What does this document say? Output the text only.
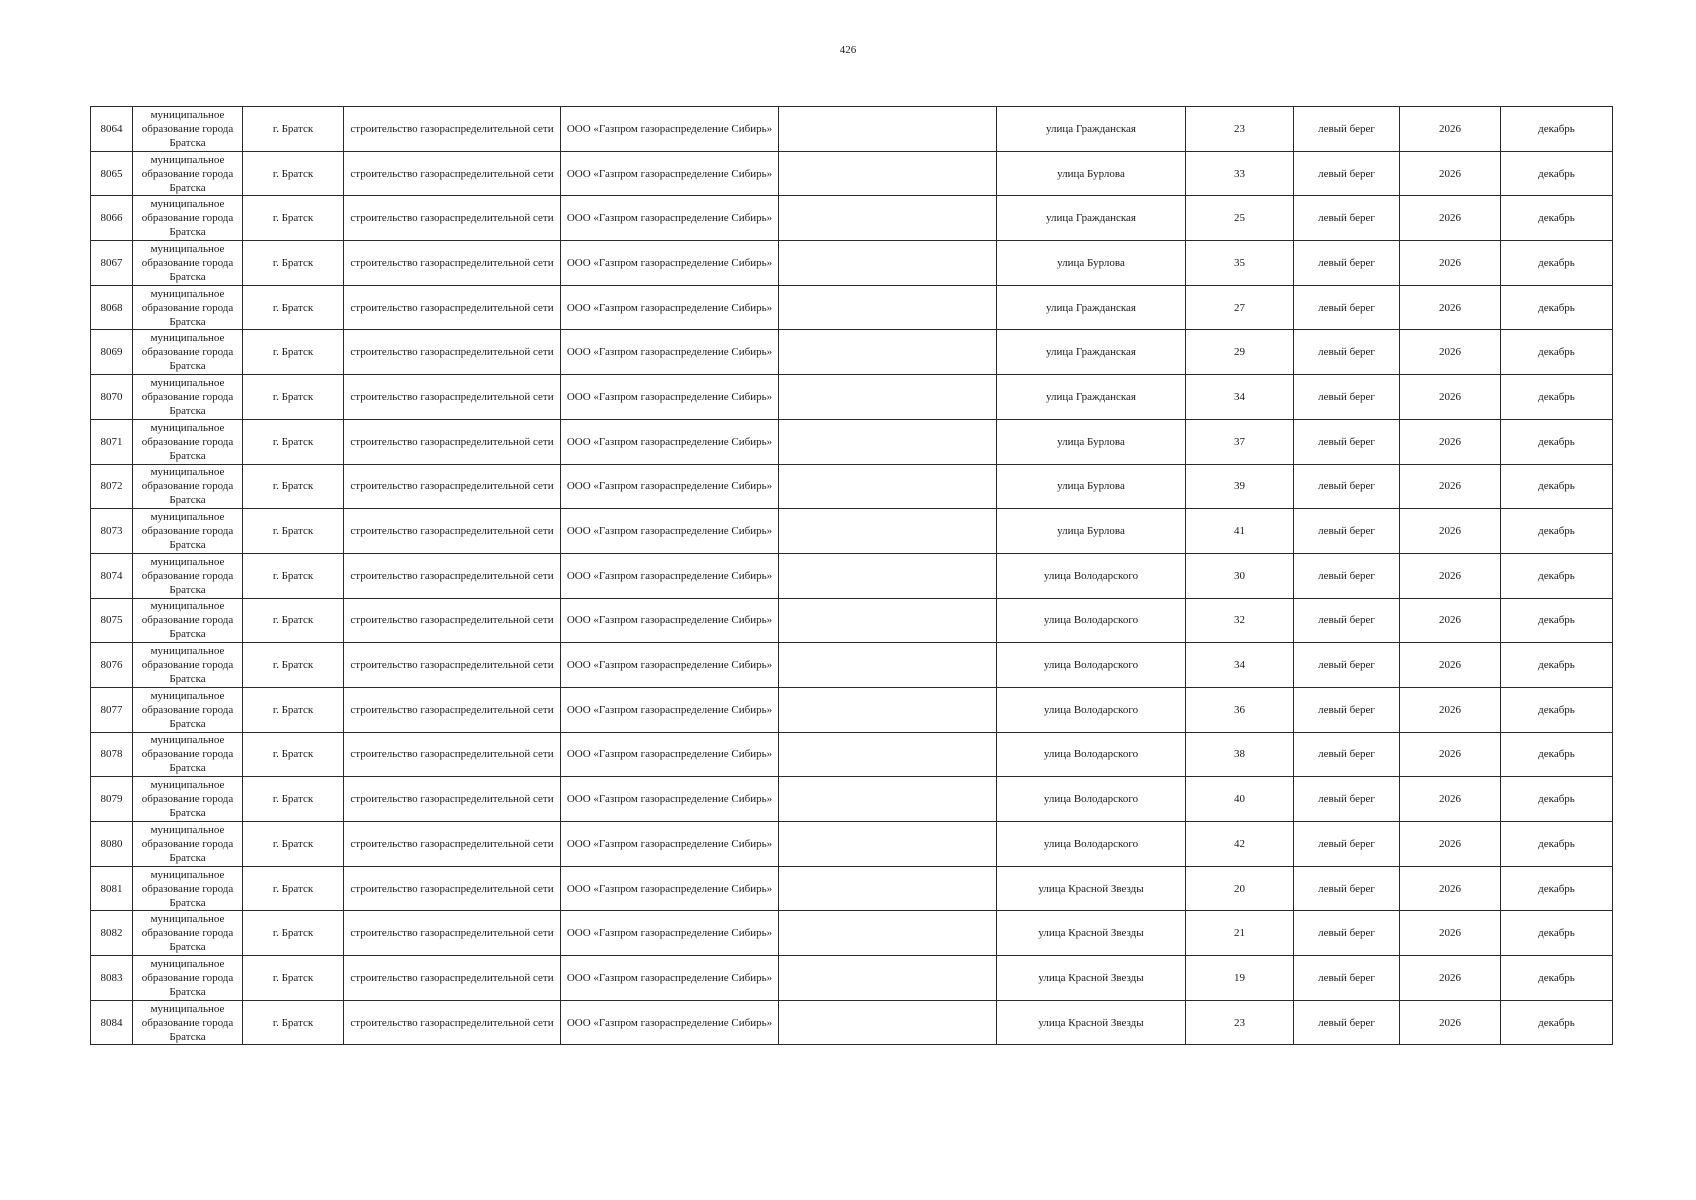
426
8064	муниципальное образование города Братска	г. Братск	строительство газораспределительной сети	ООО «Газпром газораспределение Сибирь»		улица Гражданская	23	левый берег	2026	декабрь
8065	муниципальное образование города Братска	г. Братск	строительство газораспределительной сети	ООО «Газпром газораспределение Сибирь»		улица Бурлова	33	левый берег	2026	декабрь
8066	муниципальное образование города Братска	г. Братск	строительство газораспределительной сети	ООО «Газпром газораспределение Сибирь»		улица Гражданская	25	левый берег	2026	декабрь
8067	муниципальное образование города Братска	г. Братск	строительство газораспределительной сети	ООО «Газпром газораспределение Сибирь»		улица Бурлова	35	левый берег	2026	декабрь
8068	муниципальное образование города Братска	г. Братск	строительство газораспределительной сети	ООО «Газпром газораспределение Сибирь»		улица Гражданская	27	левый берег	2026	декабрь
8069	муниципальное образование города Братска	г. Братск	строительство газораспределительной сети	ООО «Газпром газораспределение Сибирь»		улица Гражданская	29	левый берег	2026	декабрь
8070	муниципальное образование города Братска	г. Братск	строительство газораспределительной сети	ООО «Газпром газораспределение Сибирь»		улица Гражданская	34	левый берег	2026	декабрь
8071	муниципальное образование города Братска	г. Братск	строительство газораспределительной сети	ООО «Газпром газораспределение Сибирь»		улица Бурлова	37	левый берег	2026	декабрь
8072	муниципальное образование города Братска	г. Братск	строительство газораспределительной сети	ООО «Газпром газораспределение Сибирь»		улица Бурлова	39	левый берег	2026	декабрь
8073	муниципальное образование города Братска	г. Братск	строительство газораспределительной сети	ООО «Газпром газораспределение Сибирь»		улица Бурлова	41	левый берег	2026	декабрь
8074	муниципальное образование города Братска	г. Братск	строительство газораспределительной сети	ООО «Газпром газораспределение Сибирь»		улица Володарского	30	левый берег	2026	декабрь
8075	муниципальное образование города Братска	г. Братск	строительство газораспределительной сети	ООО «Газпром газораспределение Сибирь»		улица Володарского	32	левый берег	2026	декабрь
8076	муниципальное образование города Братска	г. Братск	строительство газораспределительной сети	ООО «Газпром газораспределение Сибирь»		улица Володарского	34	левый берег	2026	декабрь
8077	муниципальное образование города Братска	г. Братск	строительство газораспределительной сети	ООО «Газпром газораспределение Сибирь»		улица Володарского	36	левый берег	2026	декабрь
8078	муниципальное образование города Братска	г. Братск	строительство газораспределительной сети	ООО «Газпром газораспределение Сибирь»		улица Володарского	38	левый берег	2026	декабрь
8079	муниципальное образование города Братска	г. Братск	строительство газораспределительной сети	ООО «Газпром газораспределение Сибирь»		улица Володарского	40	левый берег	2026	декабрь
8080	муниципальное образование города Братска	г. Братск	строительство газораспределительной сети	ООО «Газпром газораспределение Сибирь»		улица Володарского	42	левый берег	2026	декабрь
8081	муниципальное образование города Братска	г. Братск	строительство газораспределительной сети	ООО «Газпром газораспределение Сибирь»		улица Красной Звезды	20	левый берег	2026	декабрь
8082	муниципальное образование города Братска	г. Братск	строительство газораспределительной сети	ООО «Газпром газораспределение Сибирь»		улица Красной Звезды	21	левый берег	2026	декабрь
8083	муниципальное образование города Братска	г. Братск	строительство газораспределительной сети	ООО «Газпром газораспределение Сибирь»		улица Красной Звезды	19	левый берег	2026	декабрь
8084	муниципальное образование города Братска	г. Братск	строительство газораспределительной сети	ООО «Газпром газораспределение Сибирь»		улица Красной Звезды	23	левый берег	2026	декабрь
